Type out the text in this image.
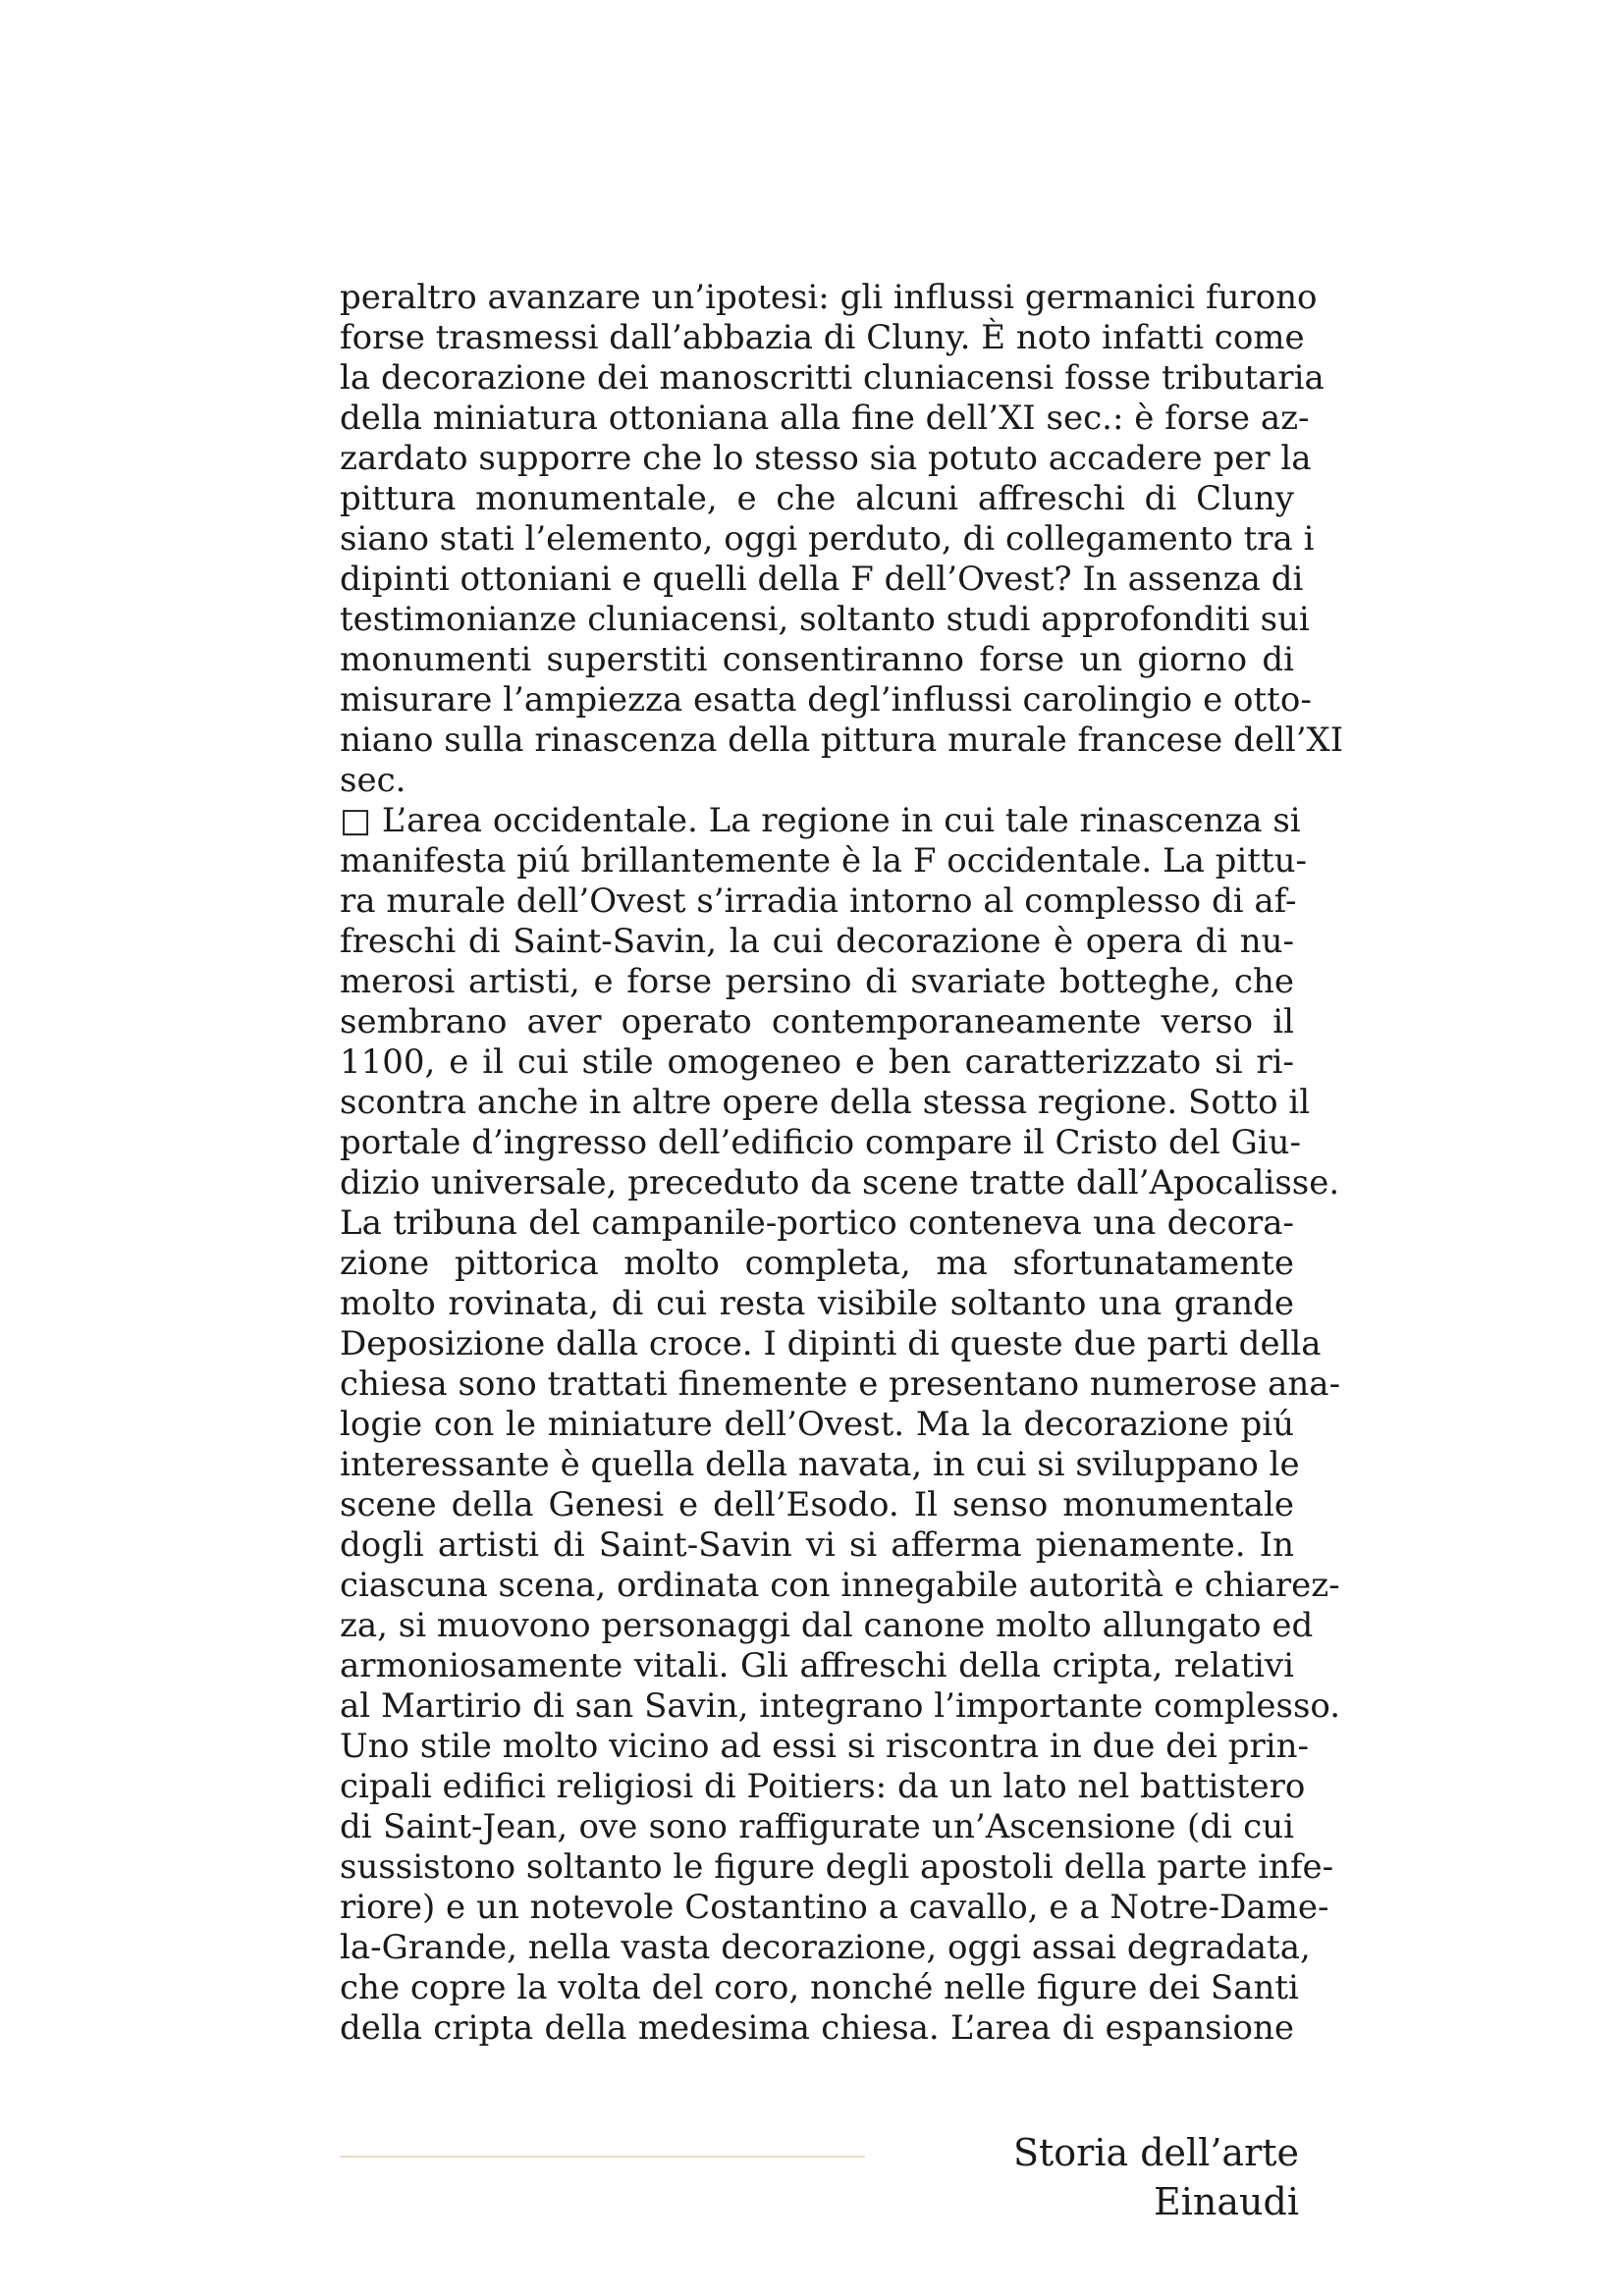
peraltro avanzare un’ipotesi: gli influssi germanici furono
forse trasmessi dall’abbazia di Cluny. È noto infatti come
la decorazione dei manoscritti cluniacensi fosse tributaria
della miniatura ottoniana alla fine dell’XI sec.: è forse az-
zardato supporre che lo stesso sia potuto accadere per la
pittura monumentale, e che alcuni affreschi di Cluny
siano stati l’elemento, oggi perduto, di collegamento tra i
dipinti ottoniani e quelli della F dell’Ovest? In assenza di
testimonianze cluniacensi, soltanto studi approfonditi sui
monumenti superstiti consentiranno forse un giorno di
misurare l’ampiezza esatta degl’influssi carolingio e otto-
niano sulla rinascenza della pittura murale francese dell’XI
sec.
□ L’area occidentale. La regione in cui tale rinascenza si
manifesta piú brillantemente è la F occidentale. La pittu-
ra murale dell’Ovest s’irradia intorno al complesso di af-
freschi di Saint-Savin, la cui decorazione è opera di nu-
merosi artisti, e forse persino di svariate botteghe, che
sembrano aver operato contemporaneamente verso il
1100, e il cui stile omogeneo e ben caratterizzato si ri-
scontra anche in altre opere della stessa regione. Sotto il
portale d’ingresso dell’edificio compare il Cristo del Giu-
dizio universale, preceduto da scene tratte dall’Apocalisse.
La tribuna del campanile-portico conteneva una decora-
zione pittorica molto completa, ma sfortunatamente
molto rovinata, di cui resta visibile soltanto una grande
Deposizione dalla croce. I dipinti di queste due parti della
chiesa sono trattati finemente e presentano numerose ana-
logie con le miniature dell’Ovest. Ma la decorazione piú
interessante è quella della navata, in cui si sviluppano le
scene della Genesi e dell’Esodo. Il senso monumentale
dogli artisti di Saint-Savin vi si afferma pienamente. In
ciascuna scena, ordinata con innegabile autorità e chiarez-
za, si muovono personaggi dal canone molto allungato ed
armoniosamente vitali. Gli affreschi della cripta, relativi
al Martirio di san Savin, integrano l’importante complesso.
Uno stile molto vicino ad essi si riscontra in due dei prin-
cipali edifici religiosi di Poitiers: da un lato nel battistero
di Saint-Jean, ove sono raffigurate un’Ascensione (di cui
sussistono soltanto le figure degli apostoli della parte infe-
riore) e un notevole Costantino a cavallo, e a Notre-Dame-
la-Grande, nella vasta decorazione, oggi assai degradata,
che copre la volta del coro, nonché nelle figure dei Santi
della cripta della medesima chiesa. L’area di espansione
Storia dell’arte Einaudi
